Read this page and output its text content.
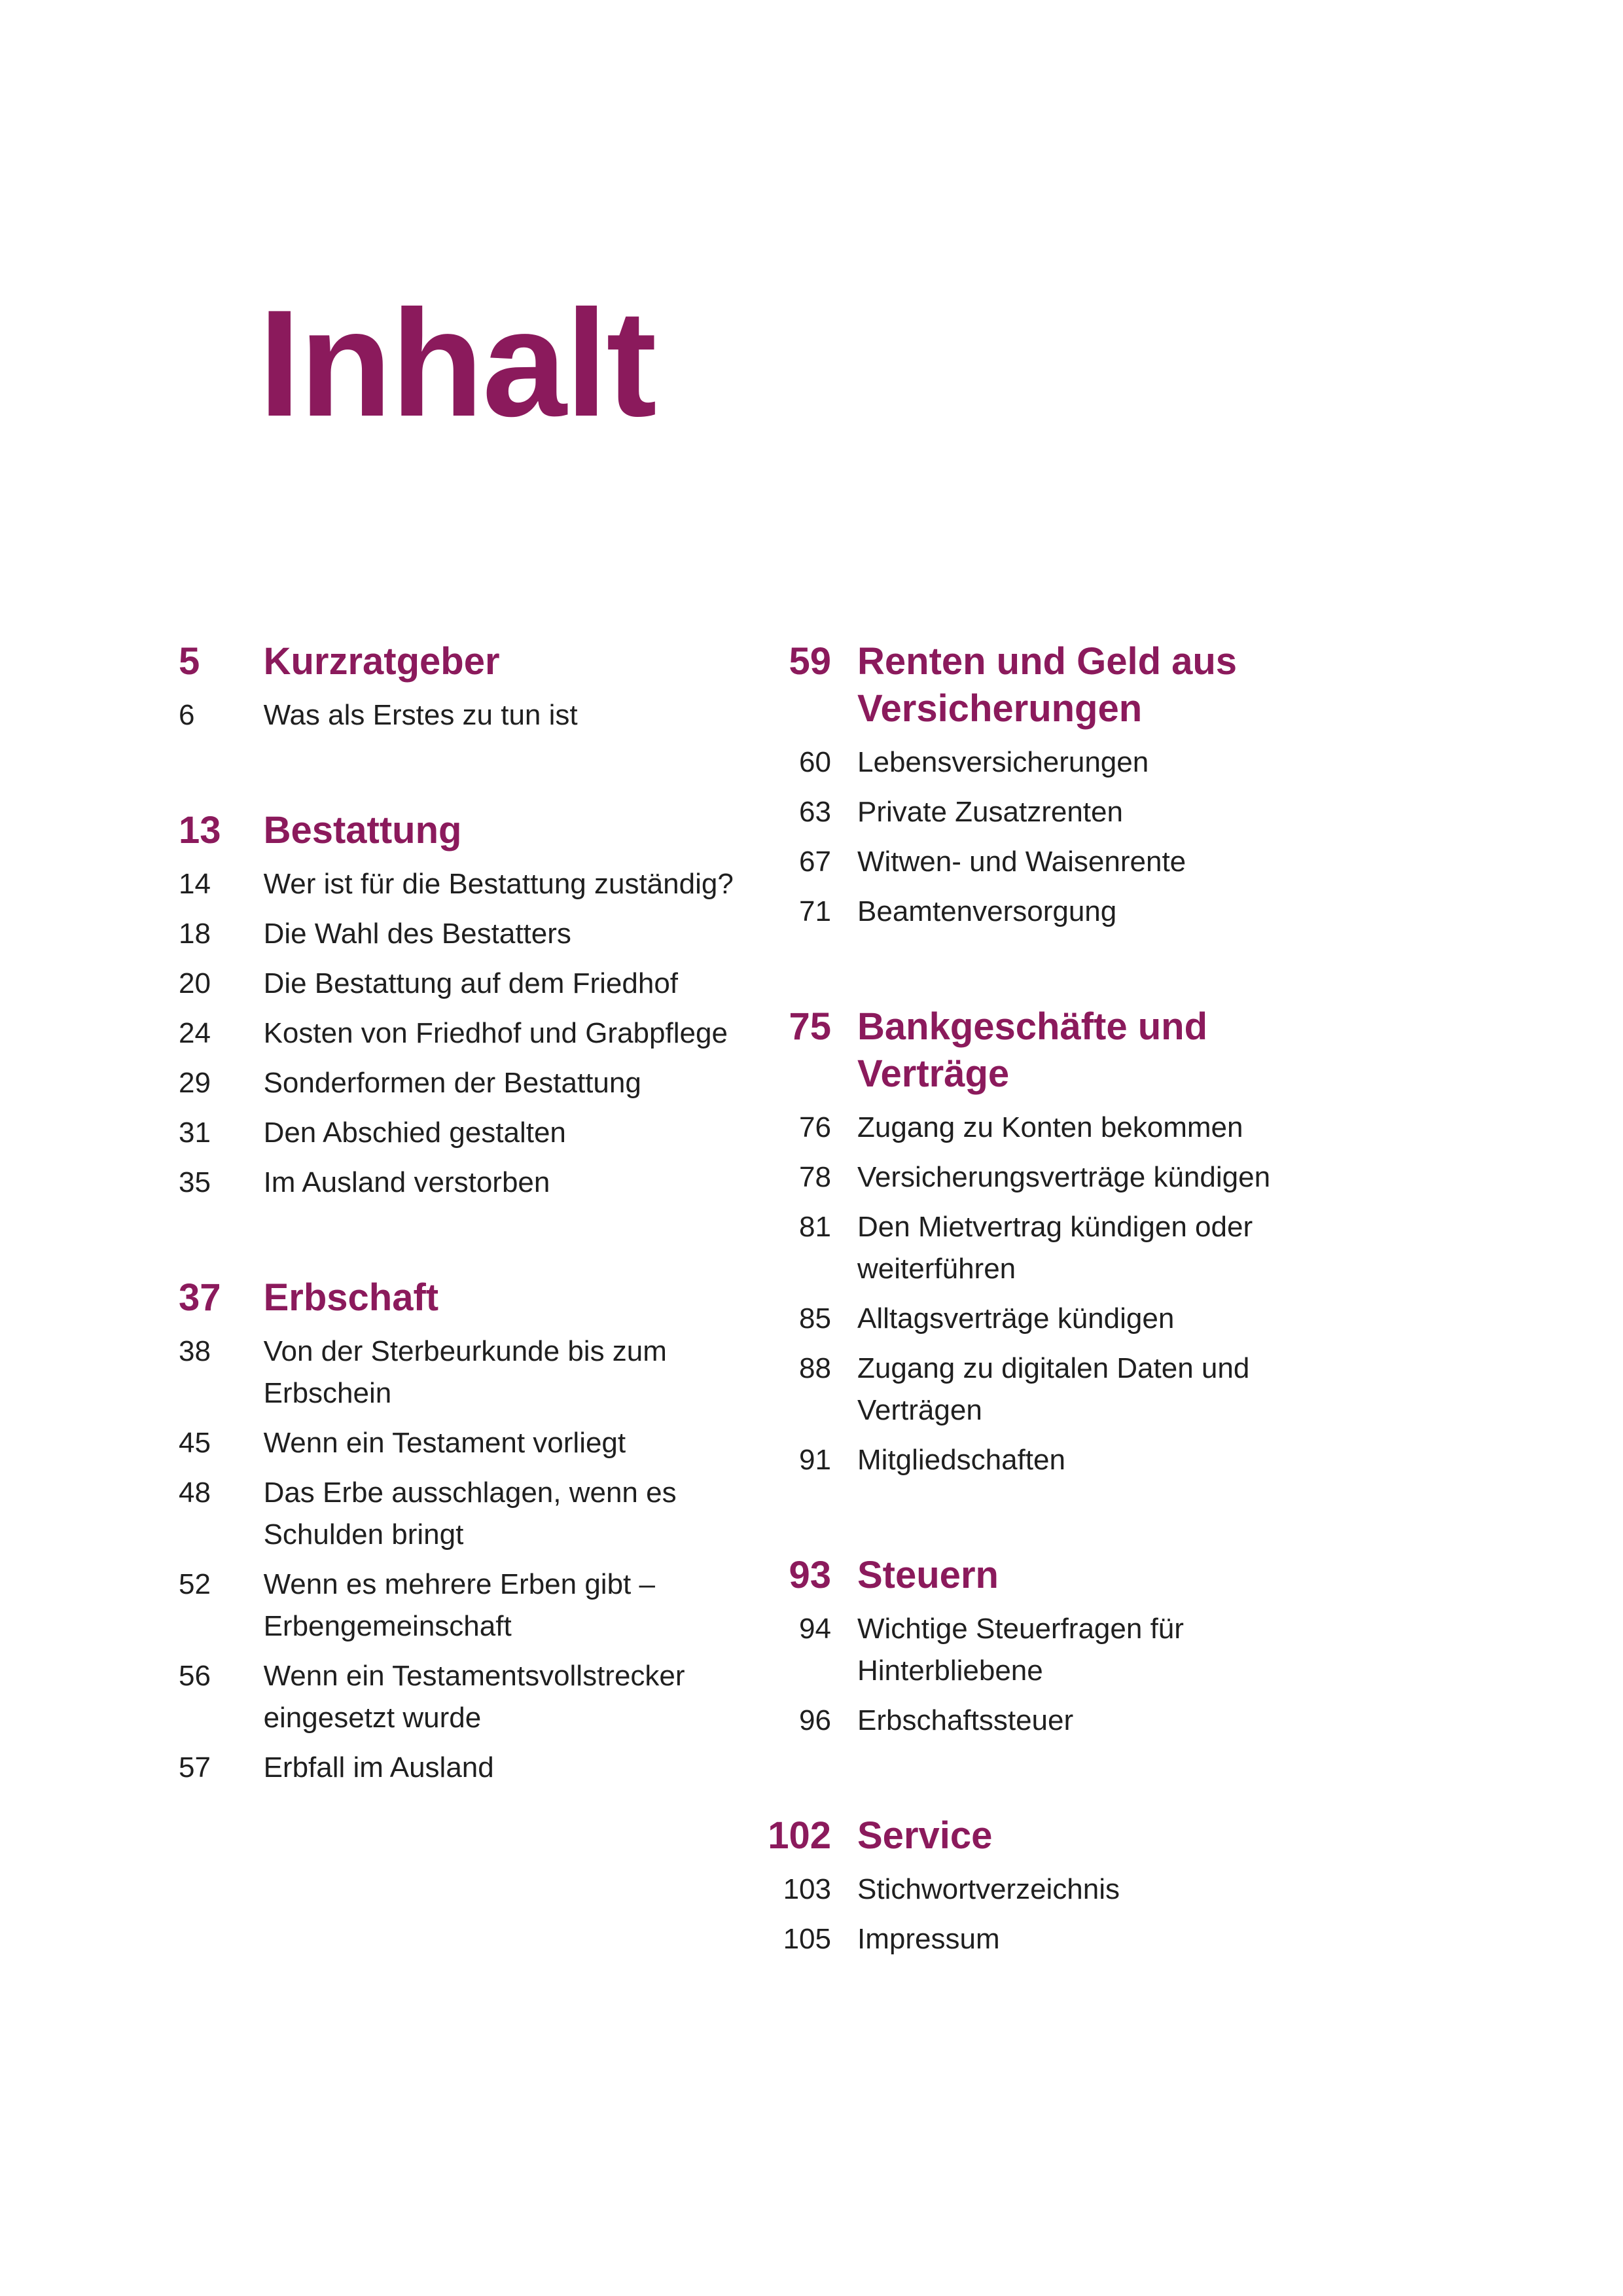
Inhalt
5	Kurzratgeber
6	Was als Erstes zu tun ist
13	Bestattung
14	Wer ist für die Bestattung zuständig?
18	Die Wahl des Bestatters
20	Die Bestattung auf dem Friedhof
24	Kosten von Friedhof und Grabpflege
29	Sonderformen der Bestattung
31	Den Abschied gestalten
35	Im Ausland verstorben
37	Erbschaft
38	Von der Sterbeurkunde bis zum Erbschein
45	Wenn ein Testament vorliegt
48	Das Erbe ausschlagen, wenn es Schulden bringt
52	Wenn es mehrere Erben gibt – Erbengemeinschaft
56	Wenn ein Testamentsvollstrecker eingesetzt wurde
57	Erbfall im Ausland
59 Renten und Geld aus Versicherungen
60 Lebensversicherungen
63 Private Zusatzrenten
67 Witwen- und Waisenrente
71 Beamtenversorgung
75 Bankgeschäfte und Verträge
76 Zugang zu Konten bekommen
78 Versicherungsverträge kündigen
81 Den Mietvertrag kündigen oder weiterführen
85 Alltagsverträge kündigen
88 Zugang zu digitalen Daten und Verträgen
91 Mitgliedschaften
93 Steuern
94 Wichtige Steuerfragen für Hinterbliebene
96 Erbschaftssteuer
102 Service
103 Stichwortverzeichnis
105 Impressum
